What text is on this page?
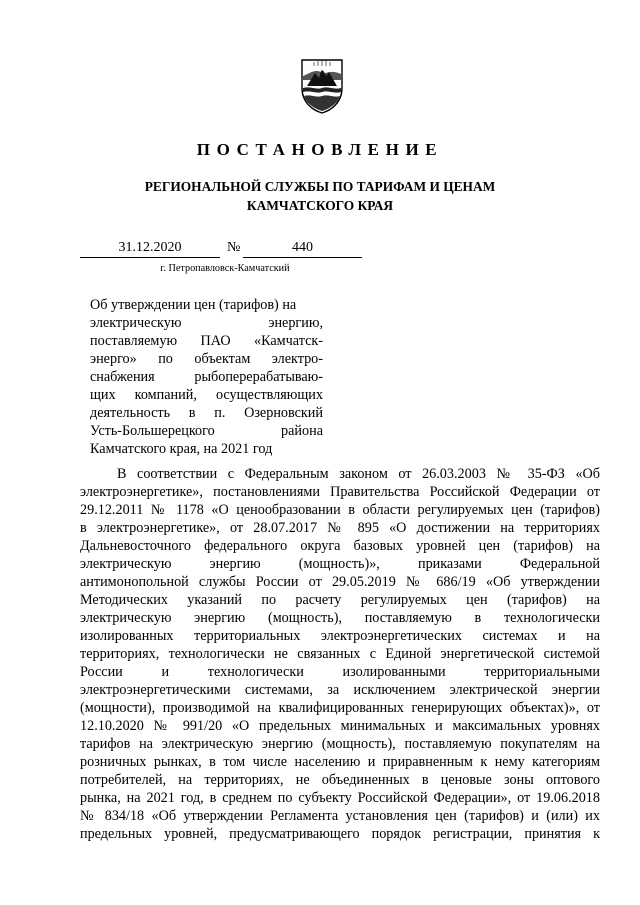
ПОСТАНОВЛЕНИЕ
РЕГИОНАЛЬНОЙ СЛУЖБЫ ПО ТАРИФАМ И ЦЕНАМ
КАМЧАТСКОГО КРАЯ
31.12.2020	№	440
г. Петропавловск-Камчатский
Об утверждении цен (тарифов) на
электрическую энергию,
поставляемую ПАО «Камчатск-
энерго» по объектам электро-
снабжения рыбоперерабатываю-
щих компаний, осуществляющих
деятельность в п. Озерновский
Усть-Большерецкого района
Камчатского края, на 2021 год
В соответствии с Федеральным законом от 26.03.2003 № 35-ФЗ «Об
электроэнергетике», постановлениями Правительства Российской Федерации от
29.12.2011 № 1178 «О ценообразовании в области регулируемых цен (тарифов)
в электроэнергетике», от 28.07.2017 № 895 «О достижении на территориях
Дальневосточного федерального округа базовых уровней цен (тарифов) на
электрическую энергию (мощность)», приказами Федеральной
антимонопольной службы России от 29.05.2019 № 686/19 «Об утверждении
Методических указаний по расчету регулируемых цен (тарифов) на
электрическую энергию (мощность), поставляемую в технологически
изолированных территориальных электроэнергетических системах и на
территориях, технологически не связанных с Единой энергетической системой
России и технологически изолированными территориальными
электроэнергетическими системами, за исключением электрической энергии
(мощности), производимой на квалифицированных генерирующих объектах)», от
12.10.2020 № 991/20 «О предельных минимальных и максимальных уровнях
тарифов на электрическую энергию (мощность), поставляемую покупателям на
розничных рынках, в том числе населению и приравненным к нему категориям
потребителей, на территориях, не объединенных в ценовые зоны оптового
рынка, на 2021 год, в среднем по субъекту Российской Федерации», от 19.06.2018
№ 834/18 «Об утверждении Регламента установления цен (тарифов) и (или) их
предельных уровней, предусматривающего порядок регистрации, принятия к
